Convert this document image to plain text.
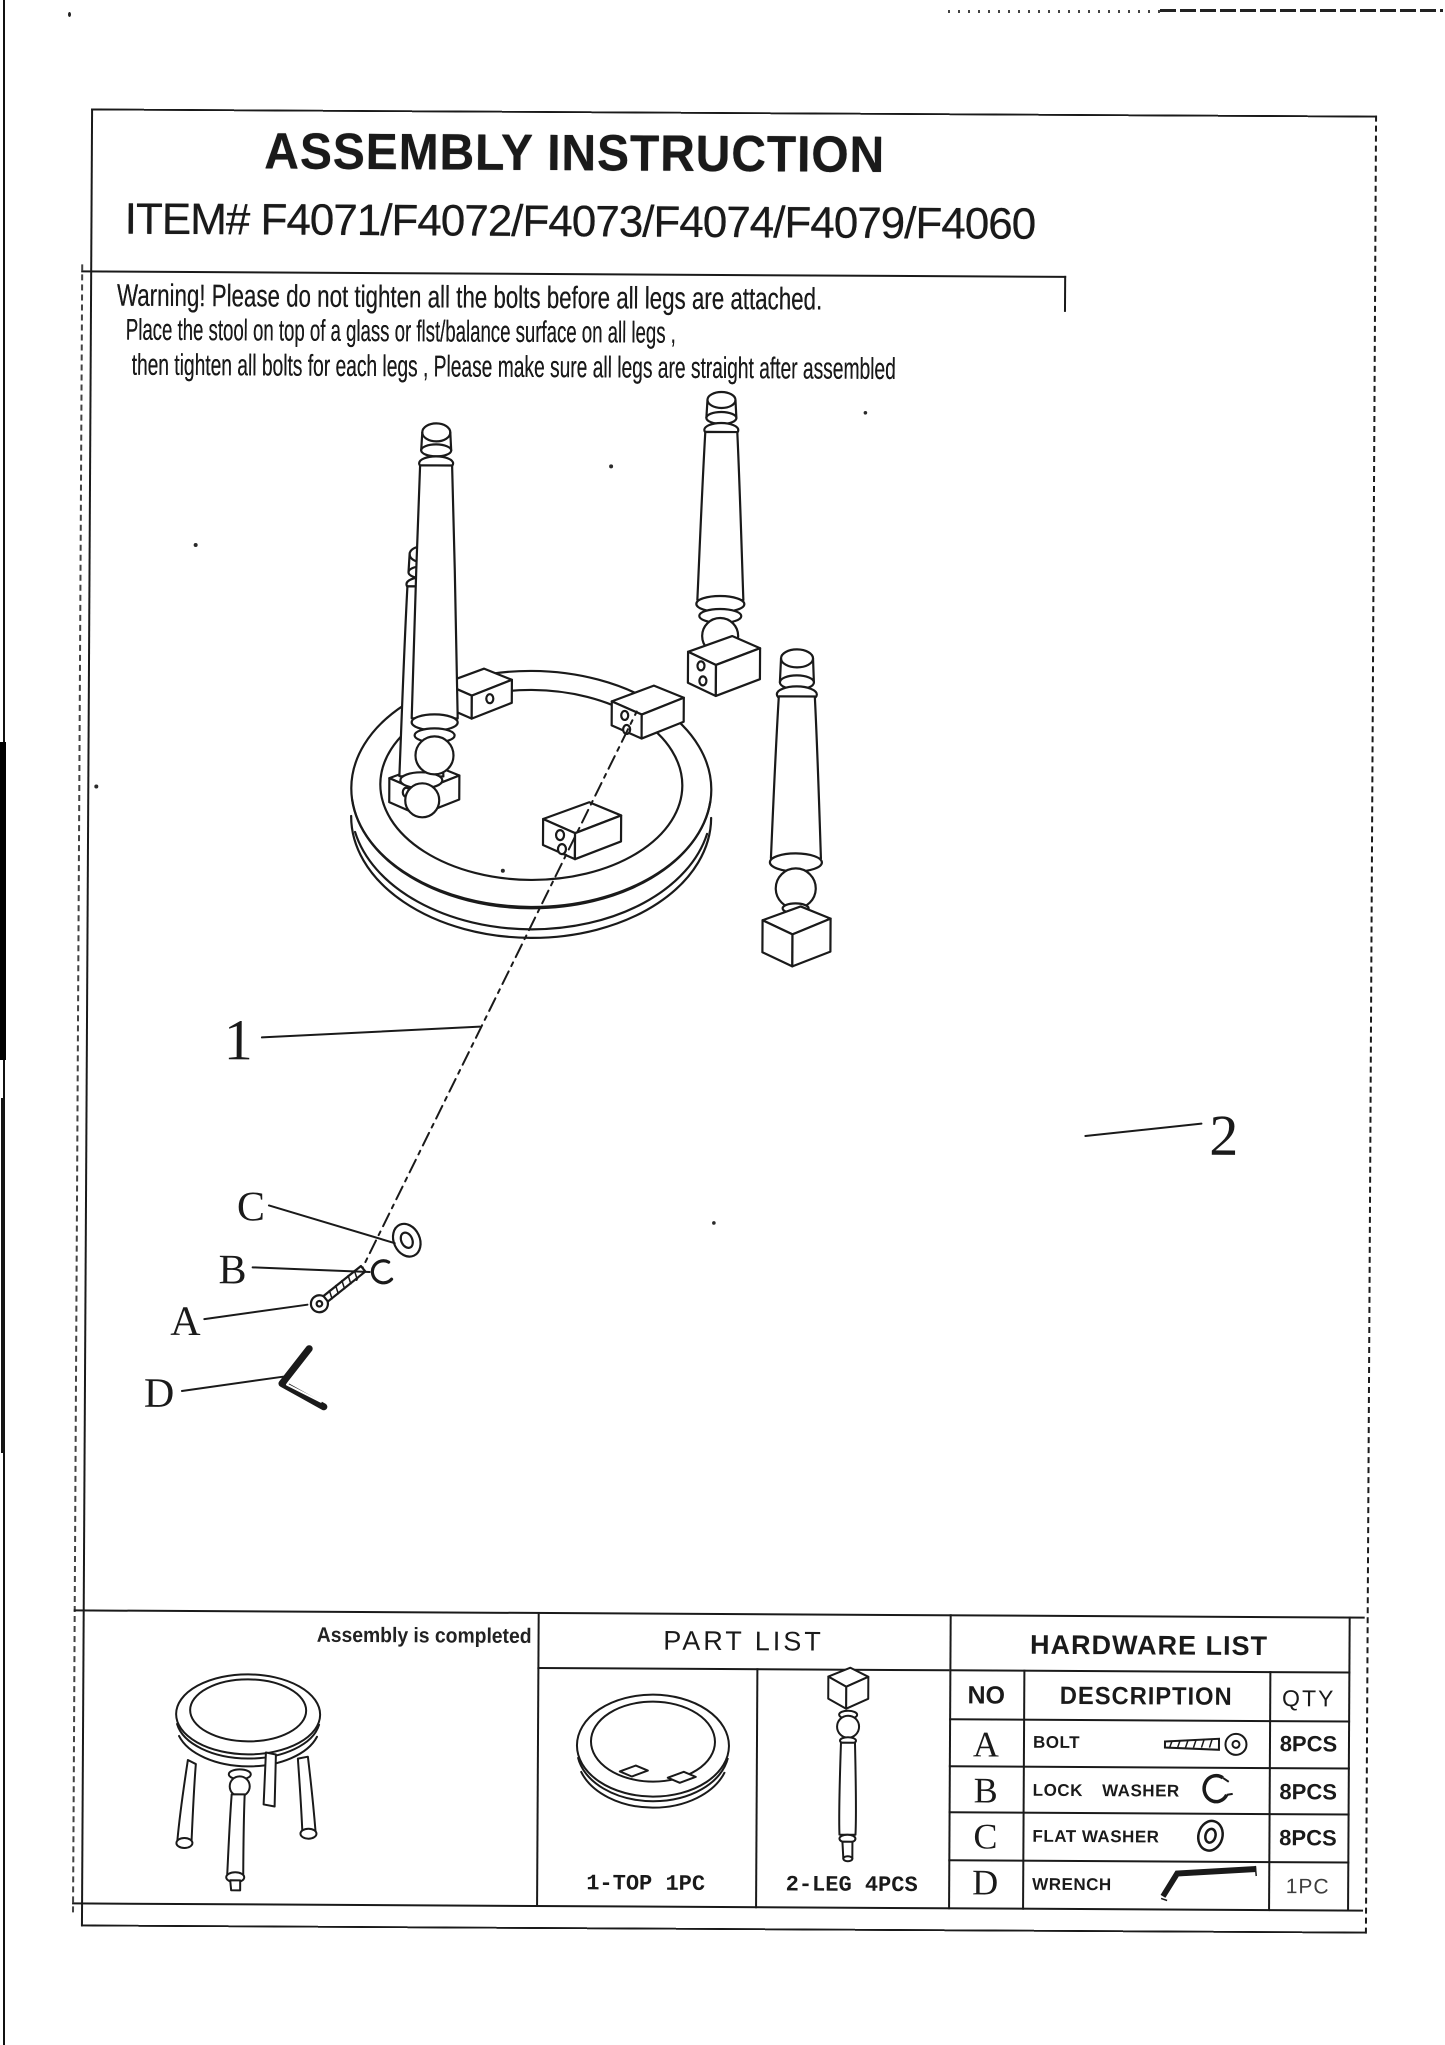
ASSEMBLY INSTRUCTION
ITEM# F4071/F4072/F4073/F4074/F4079/F4060
Warning! Please do not tighten all the bolts before all legs are attached.
Place the stool on top of a glass or flst/balance surface on all legs ,
then tighten all bolts for each legs , Please make sure all legs are straight after assembled
1
2
C
B
A
D
Assembly is completed	PART LIST
1-TOP 1PC	2-LEG 4PCS
HARDWARE LIST
NO	DESCRIPTION	QTY
A	BOLT	8PCS
B	LOCK WASHER	8PCS
C	FLAT WASHER	8PCS
D	WRENCH	1PC
